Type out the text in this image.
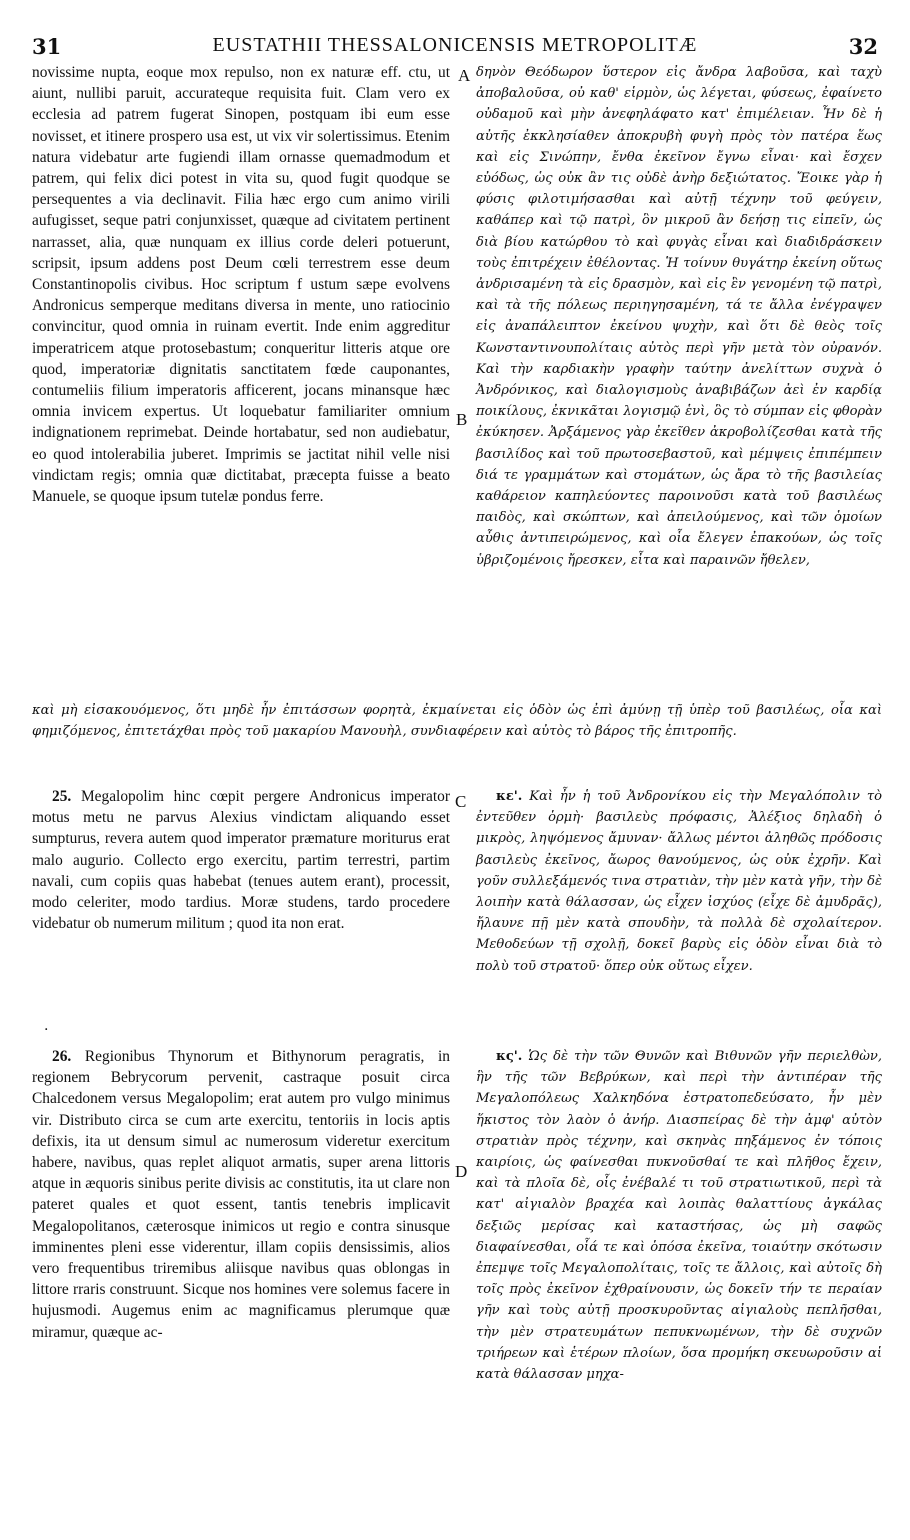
31	EUSTATHII THESSALONICENSIS METROPOLITÆ	32

novissime nupta, eoque mox repulso, non ex naturæ eff. ctu, ut aiunt, nullibi paruit, accurateque requisita fuit. Clam vero ex ecclesia ad patrem fugerat Sinopen, postquam ibi eum esse novisset, et itinere prospero usa est, ut vix vir solertissimus. Etenim natura videbatur arte fugiendi illam ornasse quemadmodum et patrem, qui felix dici potest in vita su, quod fugit quodque se persequentes a via declinavit. Filia hæc ergo cum animo virili aufugisset, seque patri conjunxisset, quæque ad civitatem pertinent narrasset, alia, quæ nunquam ex illius corde deleri potuerunt, scripsit, ipsum addens post Deum cœli terrestrem esse deum Constantinopolis civibus. Hoc scriptum f ustum sæpe evolvens Andronicus semperque meditans diversa in mente, uno ratiocinio convincitur, quod omnia in ruinam evertit. Inde enim aggreditur imperatricem atque protosebastum; conqueritur litteris atque ore quod, imperatoriæ dignitatis sanctitatem fœde cauponantes, contumeliis filium imperatoris afficerent, jocans minansque hæc omnia invicem expertus. Ut loquebatur familiariter omnium indignationem reprimebat. Deinde hortabatur, sed non audiebatur, eo quod intolerabilia juberet. Imprimis se jactitat nihil velle nisi vindictam regis; omnia quæ dictitabat, præcepta fuisse a beato Manuele, se quoque ipsum tutelæ pondus ferre.

A δηνὸν Θεόδωρον ὕστερον εἰς ἄνδρα λαβοῦσα, καὶ ταχὺ ἀποβαλοῦσα, οὐ καθ' εἱρμὸν, ὡς λέγεται, φύσεως, ἐφαίνετο οὐδαμοῦ καὶ μὴν ἀνεφηλάφατο κατ' ἐπιμέλειαν. Ἦν δὲ ἡ αὐτῆς ἐκκλησίαθεν ἀποκρυβὴ φυγὴ πρὸς τὸν πατέρα ἕως καὶ εἰς Σινώπην, ἔνθα ἐκεῖνον ἔγνω εἶναι· καὶ ἔσχεν εὐόδως, ὡς οὐκ ἂν τις οὐδὲ ἀνὴρ δεξιώτατος. Ἔοικε γὰρ ἡ φύσις φιλοτιμήσασθαι καὶ αὐτῇ τέχνην τοῦ φεύγειν, καθάπερ καὶ τῷ πατρὶ, ὃν μικροῦ ἂν δεήσῃ τις εἰπεῖν, ὡς διὰ βίου κατώρθου τὸ καὶ φυγὰς εἶναι καὶ διαδιδράσκειν τοὺς ἐπιτρέχειν ἐθέλοντας. Ἡ τοίνυν θυγάτηρ ἐκείνη οὕτως ἀνδρισαμένη τὰ εἰς δρασμὸν, καὶ εἰς ἓν γενομένη τῷ πατρὶ, καὶ τὰ τῆς πόλεως περιηγησαμένη, τά τε ἄλλα ἐνέγραψεν εἰς ἀναπάλειπτον ἐκείνου ψυχὴν, καὶ ὅτι δὲ θεὸς τοῖς Κωνσταντινουπολίταις αὐτὸς περὶ γῆν μετὰ τὸν οὐρανόν. Καὶ τὴν καρδιακὴν γραφὴν ταύτην ἀνελίττων συχνὰ ὁ Ἀνδρόνικος, καὶ διαλογισμοὺς ἀναβιβάζων ἀεὶ ἐν καρδίᾳ ποικίλους, ἐκνικᾶται λογισμῷ ἑνὶ, ὃς τὸ σύμπαν εἰς φθορὰν ἐκύκησεν. Ἀρξάμενος γὰρ ἐκεῖθεν ἀκροβολίζεσθαι κατὰ τῆς βασιλίδος καὶ τοῦ πρωτοσεβαστοῦ, καὶ μέμψεις ἐπιπέμπειν διά τε γραμμάτων καὶ στομάτων, ὡς ἄρα τὸ τῆς βασιλείας καθάρειον καπηλεύοντες παροινοῦσι κατὰ τοῦ βασιλέως παιδὸς, καὶ σκώπτων, καὶ ἀπειλούμενος, καὶ τῶν ὁμοίων αὖθις ἀντιπειρώμενος, καὶ οἷα ἔλεγεν ἐπακούων, ὡς τοῖς ὑβριζομένοις ἤρεσκεν, εἶτα καὶ παραινῶν ἤθελεν,

B

καὶ μὴ εἰσακουόμενος, ὅτι μηδὲ ἦν ἐπιτάσσων φορητὰ, ἐκμαίνεται εἰς ὁδὸν ὡς ἐπὶ ἀμύνῃ τῇ ὑπὲρ τοῦ βασιλέως, οἷα καὶ φημιζόμενος, ἐπιτετάχθαι πρὸς τοῦ μακαρίου Μανουὴλ, συνδιαφέρειν καὶ αὐτὸς τὸ βάρος τῆς ἐπιτροπῆς.

25. Megalopolim hinc cœpit pergere Andronicus imperator motus metu ne parvus Alexius vindictam aliquando esset sumpturus, revera autem quod imperator præmature moriturus erat malo augurio. Collecto ergo exercitu, partim terrestri, partim navali, cum copiis quas habebat (tenues autem erant), processit, modo celeriter, modo tardius. Moræ studens, tardo procedere videbatur ob numerum militum ; quod ita non erat.

C	κε'. Καὶ ἦν ἡ τοῦ Ἀνδρονίκου εἰς τὴν Μεγαλόπολιν τὸ ἐντεῦθεν ὁρμὴ· βασιλεὺς πρόφασις, Ἀλέξιος δηλαδὴ ὁ μικρὸς, ληψόμενος ἄμυναν· ἄλλως μέντοι ἀληθῶς πρόδοσις βασιλεὺς ἐκεῖνος, ἄωρος θανούμενος, ὡς οὐκ ἐχρῆν. Καὶ γοῦν συλλεξάμενός τινα στρατιὰν, τὴν μὲν κατὰ γῆν, τὴν δὲ λοιπὴν κατὰ θάλασσαν, ὡς εἶχεν ἰσχύος (εἶχε δὲ ἀμυδρᾶς), ἤλαυνε πῇ μὲν κατὰ σπουδὴν, τὰ πολλὰ δὲ σχολαίτερον. Μεθοδεύων τῇ σχολῇ, δοκεῖ βαρὺς εἰς ὁδὸν εἶναι διὰ τὸ πολὺ τοῦ στρατοῦ· ὅπερ οὐκ οὕτως εἶχεν.

.

26. Regionibus Thynorum et Bithynorum peragratis, in regionem Bebrycorum pervenit, castraque posuit circa Chalcedonem versus Megalopolim; erat autem pro vulgo minimus vir. Distributo circa se cum arte exercitu, tentoriis in locis aptis defixis, ita ut densum simul ac numerosum videretur exercitum habere, navibus, quas replet aliquot armatis, super arena littoris atque in æquoris sinibus perite divisis ac constitutis, ita ut clare non pateret quales et quot essent, tantis tenebris implicavit Megalopolitanos, cæterosque inimicos ut regio e contra sinusque imminentes pleni esse viderentur, illam copiis densissimis, alios vero frequentibus triremibus aliisque navibus quas oblongas in littore rraris construunt. Sicque nos homines vere solemus facere in hujusmodi. Augemus enim ac magnificamus plerumque quæ miramur, quæque ac-

D

κς'. Ὡς δὲ τὴν τῶν Θυνῶν καὶ Βιθυνῶν γῆν περιελθὼν, ἣν τῆς τῶν Βεβρύκων, καὶ περὶ τὴν ἀντιπέραν τῆς Μεγαλοπόλεως Χαλκηδόνα ἐστρατοπεδεύσατο, ἦν μὲν ἥκιστος τὸν λαὸν ὁ ἀνήρ. Διασπείρας δὲ τὴν ἀμφ' αὐτὸν στρατιὰν πρὸς τέχνην, καὶ σκηνὰς πηξάμενος ἐν τόποις καιρίοις, ὡς φαίνεσθαι πυκνοῦσθαί τε καὶ πλῆθος ἔχειν, καὶ τὰ πλοῖα δὲ, οἷς ἐνέβαλέ τι τοῦ στρατιωτικοῦ, περὶ τὰ κατ' αἰγιαλὸν βραχέα καὶ λοιπὰς θαλαττίους ἀγκάλας δεξιῶς μερίσας καὶ καταστήσας, ὡς μὴ σαφῶς διαφαίνεσθαι, οἷά τε καὶ ὁπόσα ἐκεῖνα, τοιαύτην σκότωσιν ἐπεμψε τοῖς Μεγαλοπολίταις, τοῖς τε ἄλλοις, καὶ αὐτοῖς δὴ τοῖς πρὸς ἐκεῖνον ἐχθραίνουσιν, ὡς δοκεῖν τήν τε περαίαν γῆν καὶ τοὺς αὐτῇ προσκυροῦντας αἰγιαλοὺς πεπλῆσθαι, τὴν μὲν στρατευμάτων πεπυκνωμένων, τὴν δὲ συχνῶν τριήρεων καὶ ἑτέρων πλοίων, ὅσα προμήκη σκευωροῦσιν αἱ κατὰ θάλασσαν μηχα-
